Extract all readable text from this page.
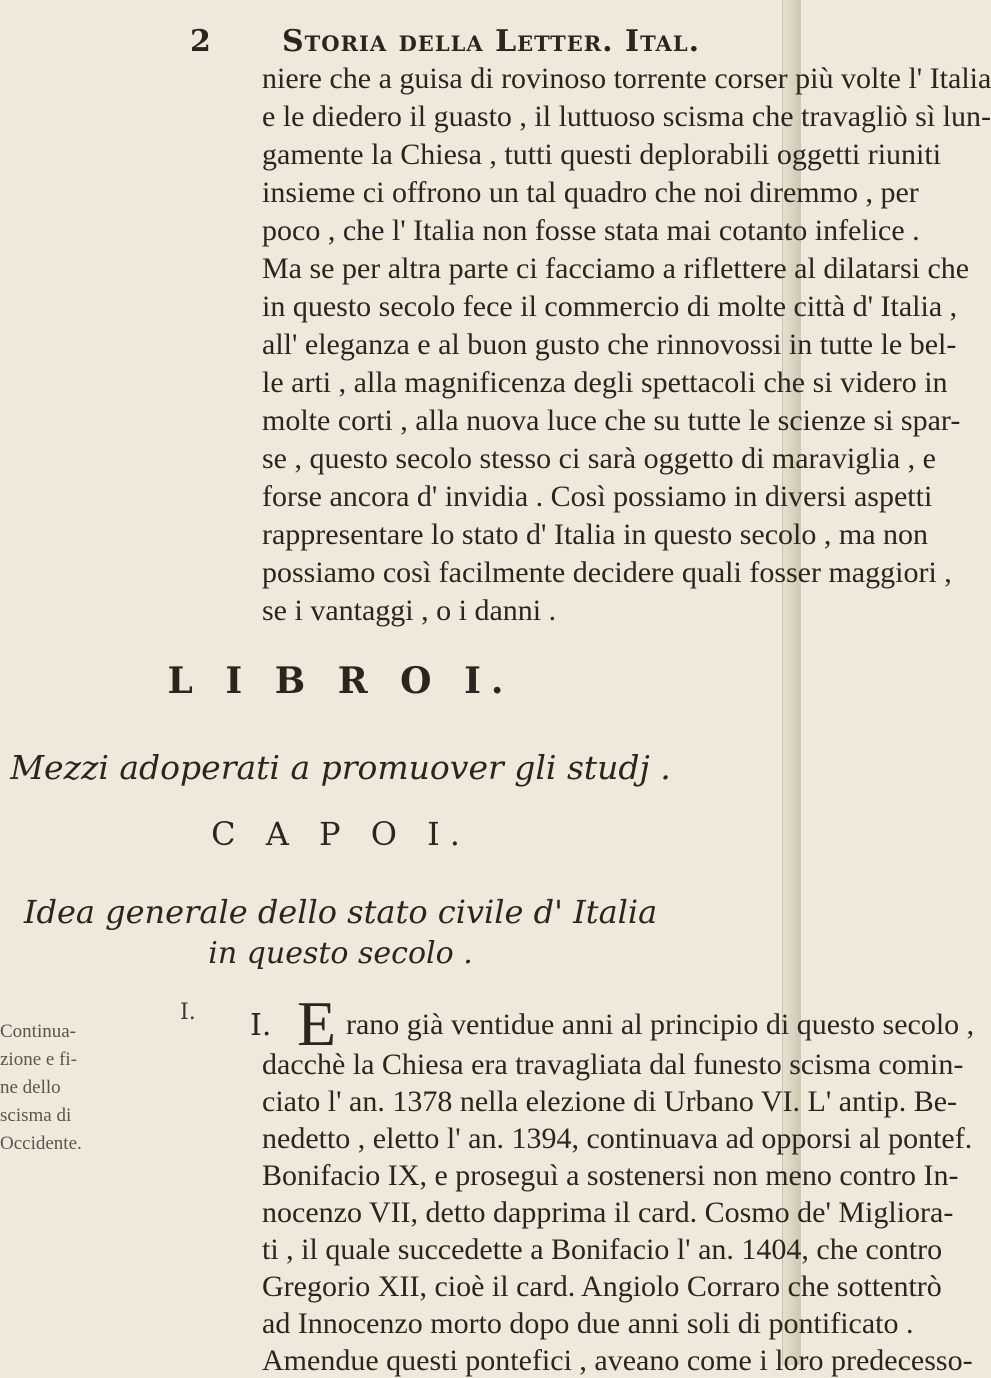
2 Storia della Letter. Ital.
niere che a guisa di rovinoso torrente corser più volte l' Italia
e le diedero il guasto , il luttuoso scisma che travagliò sì lun-
gamente la Chiesa , tutti questi deplorabili oggetti riuniti
insieme ci offrono un tal quadro che noi diremmo , per
poco , che l' Italia non fosse stata mai cotanto infelice .
Ma se per altra parte ci facciamo a riflettere al dilatarsi che
in questo secolo fece il commercio di molte città d' Italia ,
all' eleganza e al buon gusto che rinnovossi in tutte le bel-
le arti , alla magnificenza degli spettacoli che si videro in
molte corti , alla nuova luce che su tutte le scienze si spar-
se , questo secolo stesso ci sarà oggetto di maraviglia , e
forse ancora d' invidia . Così possiamo in diversi aspetti
rappresentare lo stato d' Italia in questo secolo , ma non
possiamo così facilmente decidere quali fosser maggiori ,
se i vantaggi , o i danni .
L I B R O I.
Mezzi adoperati a promuover gli studj .
C A P O I.
Idea generale dello stato civile d' Italia
in questo secolo .
I.
Continua-
zione e fi-
ne dello
scisma di
Occidente.
I. E rano già ventidue anni al principio di questo secolo ,
dacchè la Chiesa era travagliata dal funesto scisma comin-
ciato l' an. 1378 nella elezione di Urbano VI. L' antip. Be-
nedetto , eletto l' an. 1394, continuava ad opporsi al pontef.
Bonifacio IX, e proseguì a sostenersi non meno contro In-
nocenzo VII, detto dapprima il card. Cosmo de' Migliora-
ti , il quale succedette a Bonifacio l' an. 1404, che contro
Gregorio XII, cioè il card. Angiolo Corraro che sottentrò
ad Innocenzo morto dopo due anni soli di pontificato .
Amendue questi pontefici , aveano come i loro predecesso-
